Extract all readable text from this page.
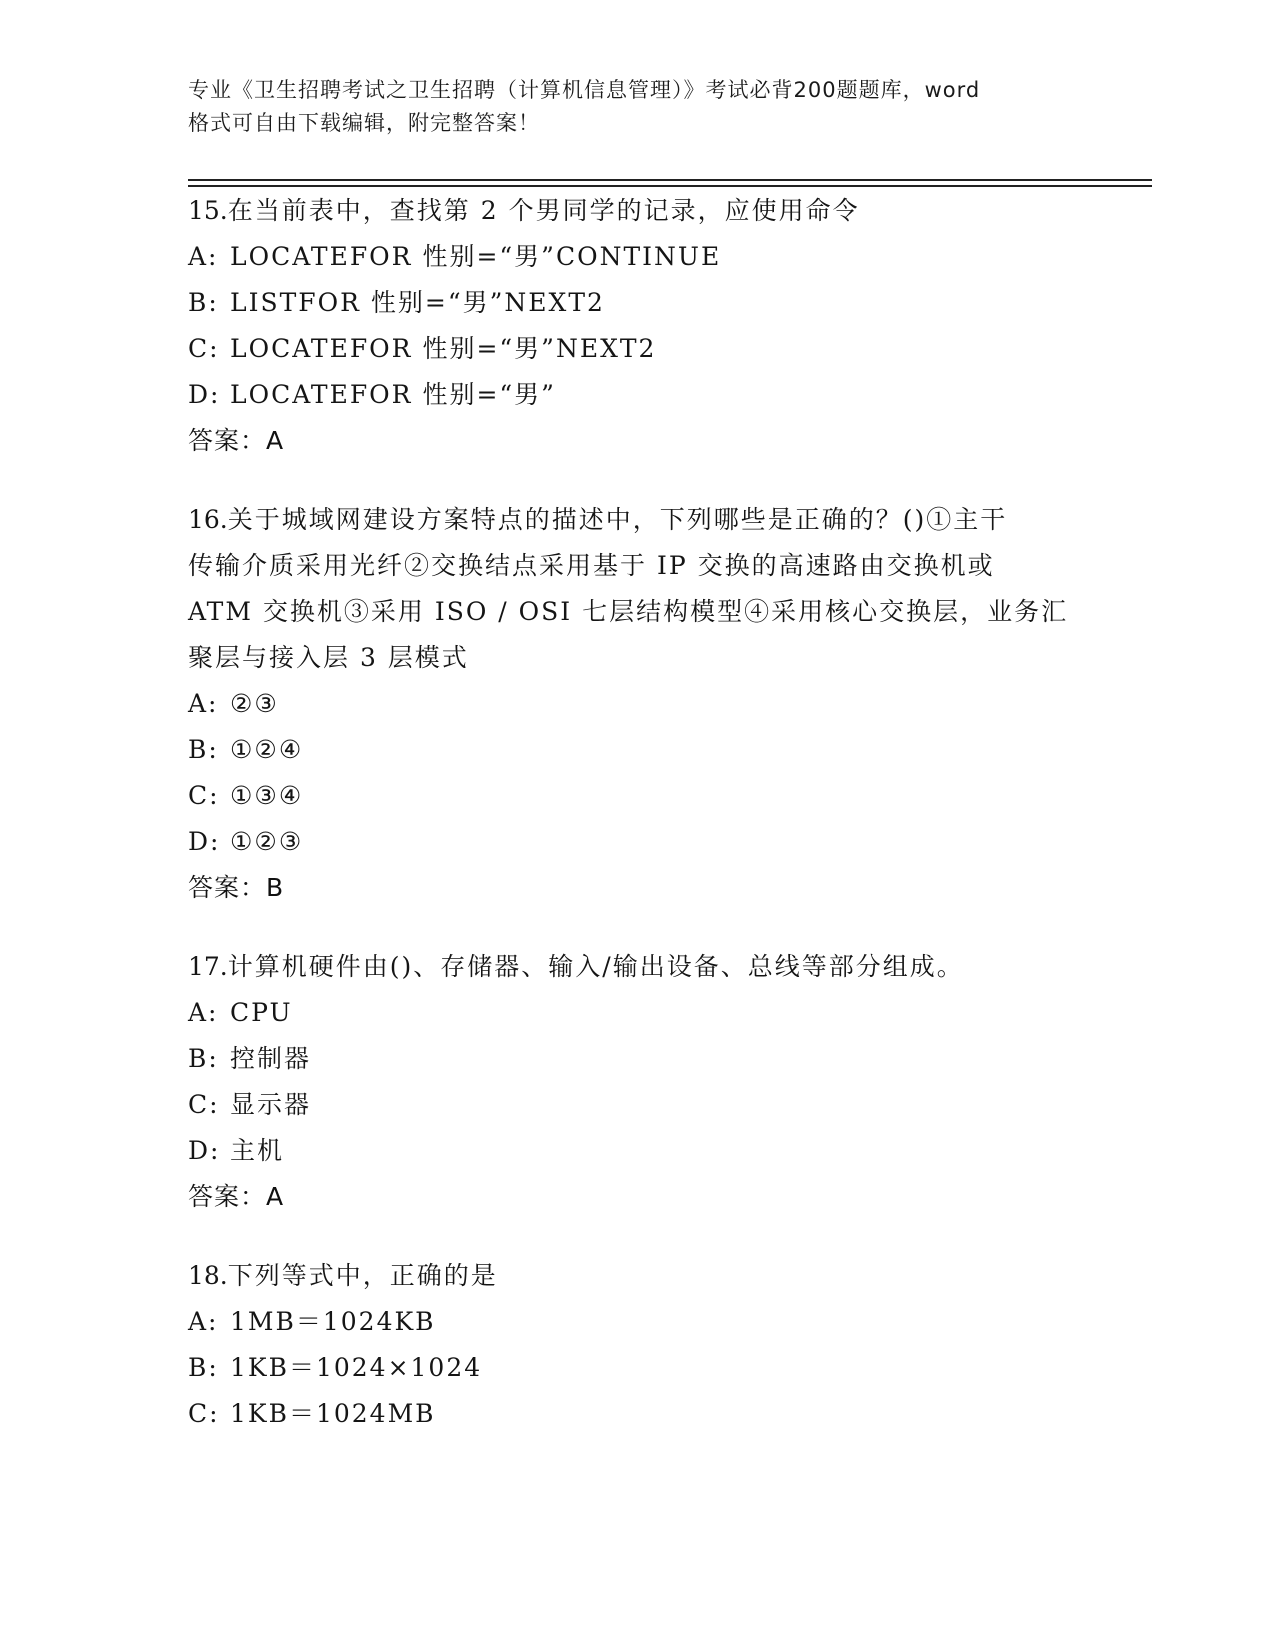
专业《卫生招聘考试之卫生招聘（计算机信息管理）》考试必背200题题库，word
格式可自由下载编辑，附完整答案！
15.在当前表中，查找第 2 个男同学的记录，应使用命令
A: LOCATEFOR 性别=“男”CONTINUE
B: LISTFOR 性别=“男”NEXT2
C: LOCATEFOR 性别=“男”NEXT2
D: LOCATEFOR 性别=“男”
答案：A
16.关于城域网建设方案特点的描述中，下列哪些是正确的？()①主干
传输介质采用光纤②交换结点采用基于 IP 交换的高速路由交换机或
ATM 交换机③采用 ISO / OSI 七层结构模型④采用核心交换层，业务汇
聚层与接入层 3 层模式
A: ②③
B: ①②④
C: ①③④
D: ①②③
答案：B
17.计算机硬件由()、存储器、输入/输出设备、总线等部分组成。
A: CPU
B: 控制器
C: 显示器
D: 主机
答案：A
18.下列等式中，正确的是
A: 1MB＝1024KB
B: 1KB＝1024×1024
C: 1KB＝1024MB
